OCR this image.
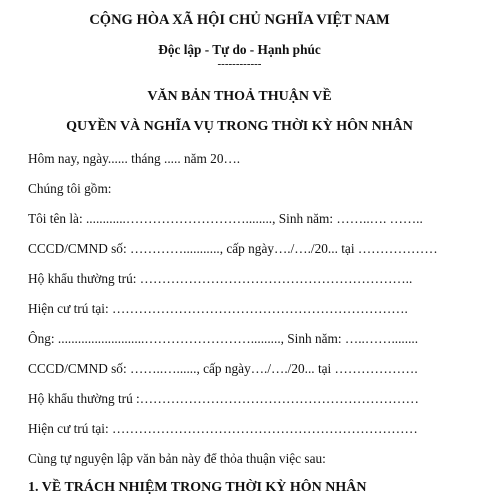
CỘNG HÒA XÃ HỘI CHỦ NGHĨA VIỆT NAM
Độc lập - Tự do - Hạnh phúc
------------
VĂN BẢN THOẢ THUẬN VỀ
QUYỀN VÀ NGHĨA VỤ TRONG THỜI KỲ HÔN NHÂN
Hôm nay, ngày...... tháng ..... năm 20….
Chúng tôi gồm:
Tôi tên là: ............………………………........, Sinh năm: ……..…. ……..
CCCD/CMND số: …………..........., cấp ngày…./…./20... tại ………………
Hộ khẩu thường trú: ……………………………………………………..
Hiện cư trú tại: ………………………………………………………….
Ông: ..........................……………………........., Sinh năm: …..……........
CCCD/CMND số: ……..…......, cấp ngày…./…./20... tại ……………….
Hộ khẩu thường trú :………………………………………………………
Hiện cư trú tại: ……………………………………………………………
Cùng tự nguyện lập văn bản này để thỏa thuận việc sau:
1. VỀ TRÁCH NHIỆM TRONG THỜI KỲ HÔN NHÂN
